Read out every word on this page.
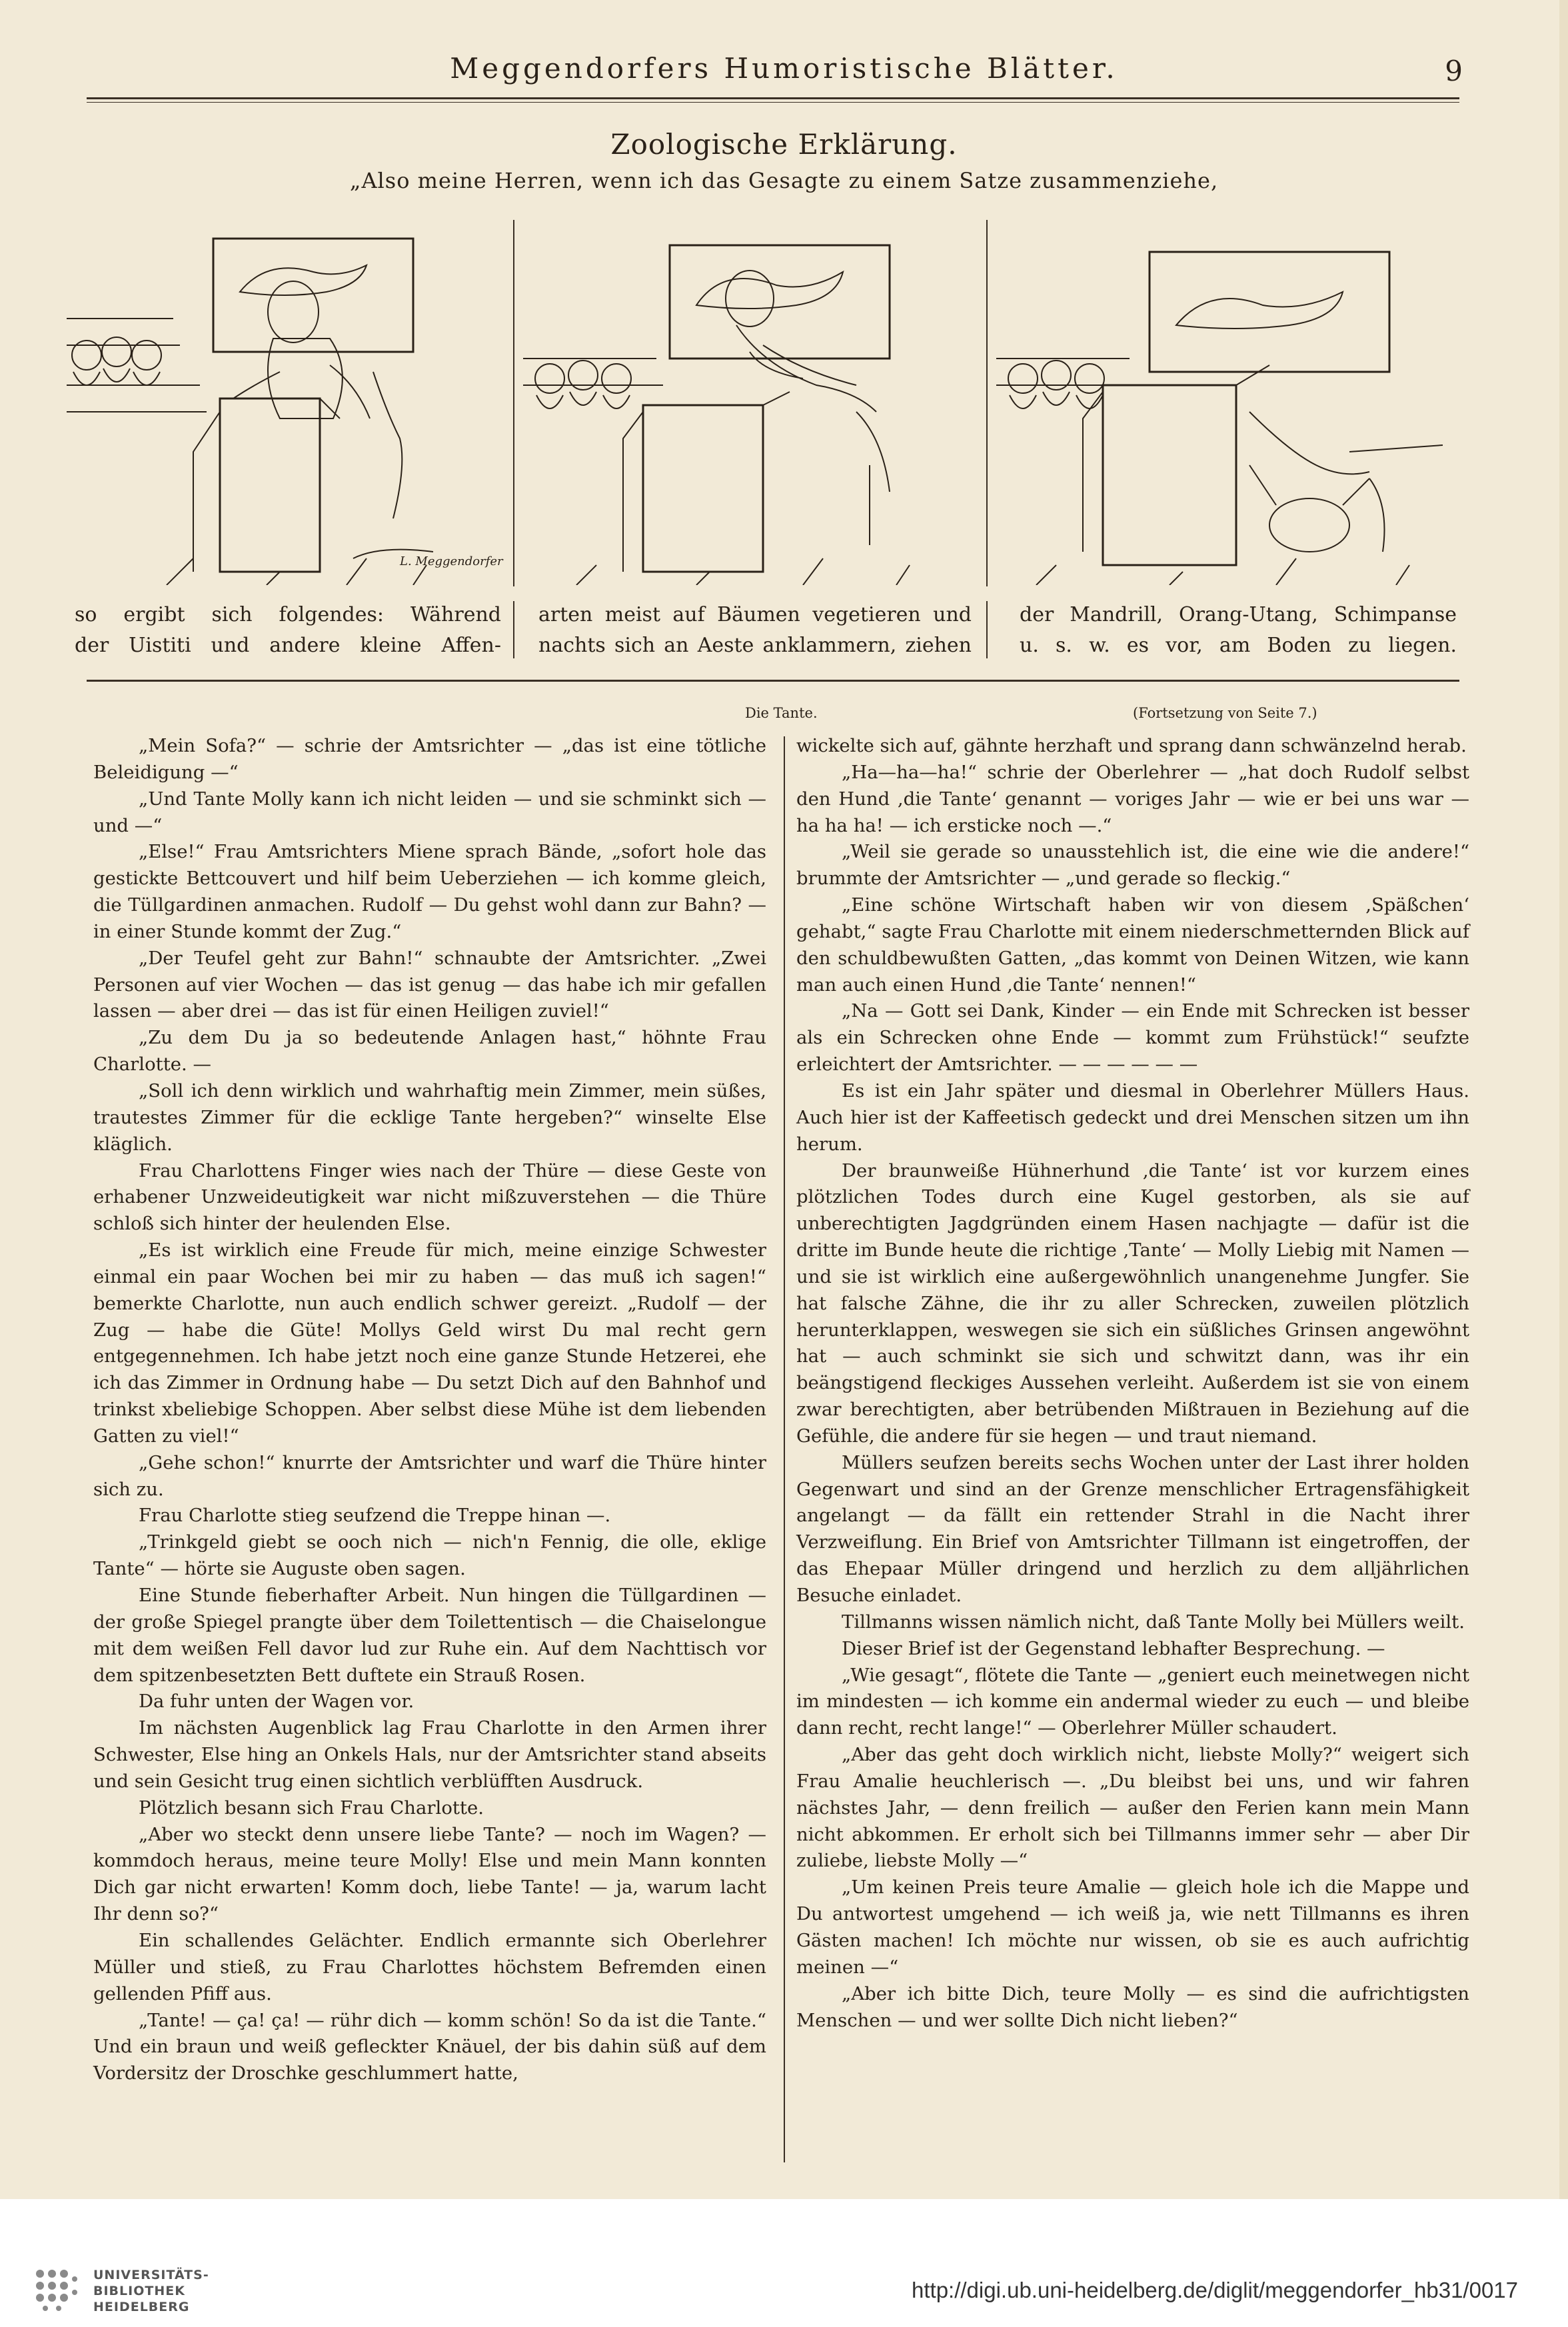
Meggendorfers Humoristische Blätter.	9
Zoologische Erklärung.
„Also meine Herren, wenn ich das Gesagte zu einem Satze zusammenziehe,
L. Meggendorfer
so ergibt sich folgendes: Während
der Uistiti und andere kleine Affen-
arten meist auf Bäumen vegetieren und
nachts sich an Aeste anklammern, ziehen
der Mandrill, Orang-Utang, Schimpanse
u. s. w. es vor, am Boden zu liegen.
Die Tante.	(Fortsetzung von Seite 7.)

„Mein Sofa?“ — schrie der Amtsrichter — „das ist eine tötliche Beleidigung —“

„Und Tante Molly kann ich nicht leiden — und sie schminkt sich — und —“

„Else!“ Frau Amtsrichters Miene sprach Bände, „sofort hole das gestickte Bettcouvert und hilf beim Ueberziehen — ich komme gleich, die Tüllgardinen anmachen. Rudolf — Du gehst wohl dann zur Bahn? — in einer Stunde kommt der Zug.“

„Der Teufel geht zur Bahn!“ schnaubte der Amtsrichter. „Zwei Personen auf vier Wochen — das ist genug — das habe ich mir gefallen lassen — aber drei — das ist für einen Heiligen zuviel!“

„Zu dem Du ja so bedeutende Anlagen hast,“ höhnte Frau Charlotte. —

„Soll ich denn wirklich und wahrhaftig mein Zimmer, mein süßes, trautestes Zimmer für die ecklige Tante hergeben?“ winselte Else kläglich.

Frau Charlottens Finger wies nach der Thüre — diese Geste von erhabener Unzweideutigkeit war nicht mißzuverstehen — die Thüre schloß sich hinter der heulenden Else.

„Es ist wirklich eine Freude für mich, meine einzige Schwester einmal ein paar Wochen bei mir zu haben — das muß ich sagen!“ bemerkte Charlotte, nun auch endlich schwer gereizt. „Rudolf — der Zug — habe die Güte! Mollys Geld wirst Du mal recht gern entgegennehmen. Ich habe jetzt noch eine ganze Stunde Hetzerei, ehe ich das Zimmer in Ordnung habe — Du setzt Dich auf den Bahnhof und trinkst xbeliebige Schoppen. Aber selbst diese Mühe ist dem liebenden Gatten zu viel!“

„Gehe schon!“ knurrte der Amtsrichter und warf die Thüre hinter sich zu.

Frau Charlotte stieg seufzend die Treppe hinan —.

„Trinkgeld giebt se ooch nich — nich'n Fennig, die olle, eklige Tante“ — hörte sie Auguste oben sagen.

Eine Stunde fieberhafter Arbeit. Nun hingen die Tüllgardinen — der große Spiegel prangte über dem Toilettentisch — die Chaiselongue mit dem weißen Fell davor lud zur Ruhe ein. Auf dem Nachttisch vor dem spitzenbesetzten Bett duftete ein Strauß Rosen.

Da fuhr unten der Wagen vor.

Im nächsten Augenblick lag Frau Charlotte in den Armen ihrer Schwester, Else hing an Onkels Hals, nur der Amtsrichter stand abseits und sein Gesicht trug einen sichtlich verblüfften Ausdruck.

Plötzlich besann sich Frau Charlotte.

„Aber wo steckt denn unsere liebe Tante? — noch im Wagen? — kommdoch heraus, meine teure Molly! Else und mein Mann konnten Dich gar nicht erwarten! Komm doch, liebe Tante! — ja, warum lacht Ihr denn so?“

Ein schallendes Gelächter. Endlich ermannte sich Oberlehrer Müller und stieß, zu Frau Charlottes höchstem Befremden einen gellenden Pfiff aus.

„Tante! — ça! ça! — rühr dich — komm schön! So da ist die Tante.“ Und ein braun und weiß gefleckter Knäuel, der bis dahin süß auf dem Vordersitz der Droschke geschlummert hatte,

wickelte sich auf, gähnte herzhaft und sprang dann schwänzelnd herab.

„Ha—ha—ha!“ schrie der Oberlehrer — „hat doch Rudolf selbst den Hund ,die Tante‘ genannt — voriges Jahr — wie er bei uns war — ha ha ha! — ich ersticke noch —.“

„Weil sie gerade so unausstehlich ist, die eine wie die andere!“ brummte der Amtsrichter — „und gerade so fleckig.“

„Eine schöne Wirtschaft haben wir von diesem ,Späßchen‘ gehabt,“ sagte Frau Charlotte mit einem niederschmetternden Blick auf den schuldbewußten Gatten, „das kommt von Deinen Witzen, wie kann man auch einen Hund ,die Tante‘ nennen!“

„Na — Gott sei Dank, Kinder — ein Ende mit Schrecken ist besser als ein Schrecken ohne Ende — kommt zum Frühstück!“ seufzte erleichtert der Amtsrichter. — — — — — —

Es ist ein Jahr später und diesmal in Oberlehrer Müllers Haus. Auch hier ist der Kaffeetisch gedeckt und drei Menschen sitzen um ihn herum.

Der braunweiße Hühnerhund ,die Tante‘ ist vor kurzem eines plötzlichen Todes durch eine Kugel gestorben, als sie auf unberechtigten Jagdgründen einem Hasen nachjagte — dafür ist die dritte im Bunde heute die richtige ,Tante‘ — Molly Liebig mit Namen — und sie ist wirklich eine außergewöhnlich unangenehme Jungfer. Sie hat falsche Zähne, die ihr zu aller Schrecken, zuweilen plötzlich herunterklappen, weswegen sie sich ein süßliches Grinsen angewöhnt hat — auch schminkt sie sich und schwitzt dann, was ihr ein beängstigend fleckiges Aussehen verleiht. Außerdem ist sie von einem zwar berechtigten, aber betrübenden Mißtrauen in Beziehung auf die Gefühle, die andere für sie hegen — und traut niemand.

Müllers seufzen bereits sechs Wochen unter der Last ihrer holden Gegenwart und sind an der Grenze menschlicher Ertragensfähigkeit angelangt — da fällt ein rettender Strahl in die Nacht ihrer Verzweiflung. Ein Brief von Amtsrichter Tillmann ist eingetroffen, der das Ehepaar Müller dringend und herzlich zu dem alljährlichen Besuche einladet.

Tillmanns wissen nämlich nicht, daß Tante Molly bei Müllers weilt.

Dieser Brief ist der Gegenstand lebhafter Besprechung. —

„Wie gesagt“, flötete die Tante — „geniert euch meinetwegen nicht im mindesten — ich komme ein andermal wieder zu euch — und bleibe dann recht, recht lange!“ — Oberlehrer Müller schaudert.

„Aber das geht doch wirklich nicht, liebste Molly?“ weigert sich Frau Amalie heuchlerisch —. „Du bleibst bei uns, und wir fahren nächstes Jahr, — denn freilich — außer den Ferien kann mein Mann nicht abkommen. Er erholt sich bei Tillmanns immer sehr — aber Dir zuliebe, liebste Molly —“

„Um keinen Preis teure Amalie — gleich hole ich die Mappe und Du antwortest umgehend — ich weiß ja, wie nett Tillmanns es ihren Gästen machen! Ich möchte nur wissen, ob sie es auch aufrichtig meinen —“

„Aber ich bitte Dich, teure Molly — es sind die aufrichtigsten Menschen — und wer sollte Dich nicht lieben?“

UNIVERSITÄTS-
BIBLIOTHEK
HEIDELBERG
http://digi.ub.uni-heidelberg.de/diglit/meggendorfer_hb31/0017
